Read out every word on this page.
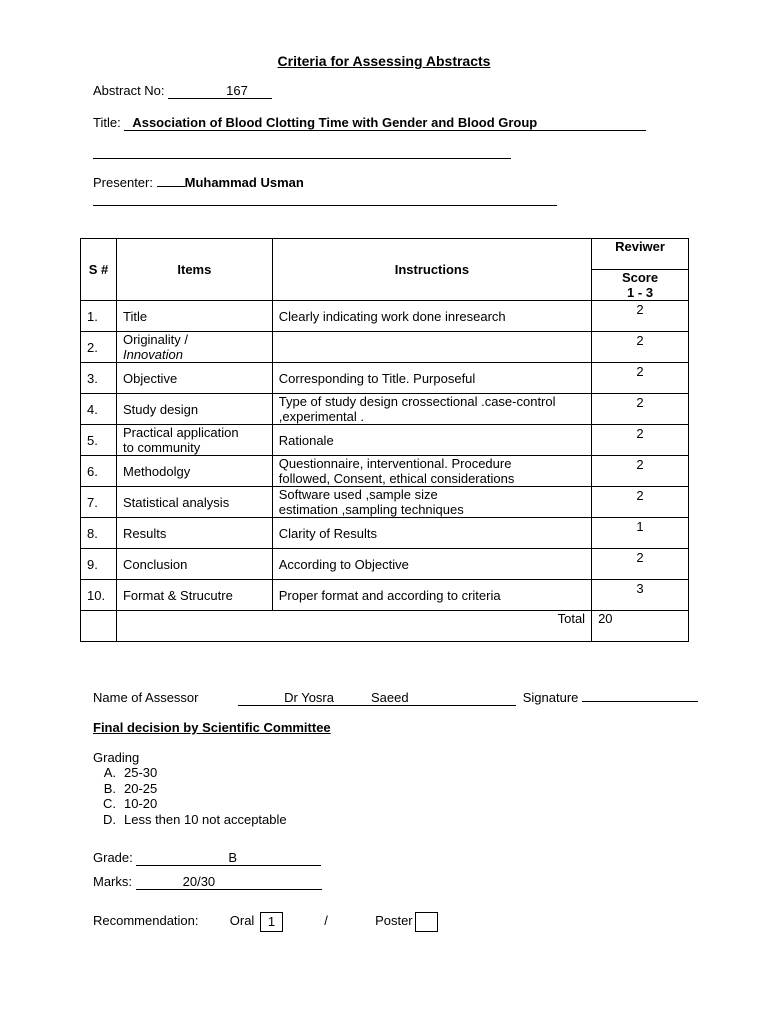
Criteria for Assessing Abstracts
Abstract No:	167
Title: Association of Blood Clotting Time with Gender and Blood Group
Presenter: Muhammad Usman
S #	Items	Instructions	Reviwer

			Score
1 - 3

1.	Title	Clearly indicating work done inresearch	2
2.	Originality /
Innovation		2
3.	Objective	Corresponding to Title. Purposeful	2
4.	Study design	Type of study design crossectional .case-control
,experimental .	2
5.	Practical application
to community	Rationale	2
6.	Methodolgy	Questionnaire, interventional. Procedure
followed, Consent, ethical considerations	2
7.	Statistical analysis	Software used ,sample size
estimation ,sampling techniques	2
8.	Results	Clarity of Results	1
9.	Conclusion	According to Objective	2
10.	Format & Strucutre	Proper format and according to criteria	3
	Total		20
Name of Assessor	Dr Yosra	Saeed	Signature
Final decision by Scientific Committee
Grading
A. 25-30
B. 20-25
C. 10-20
D. Less then 10 not acceptable
Grade:	B
Marks:	20/30
Recommendation: Oral 1	/	Poster
